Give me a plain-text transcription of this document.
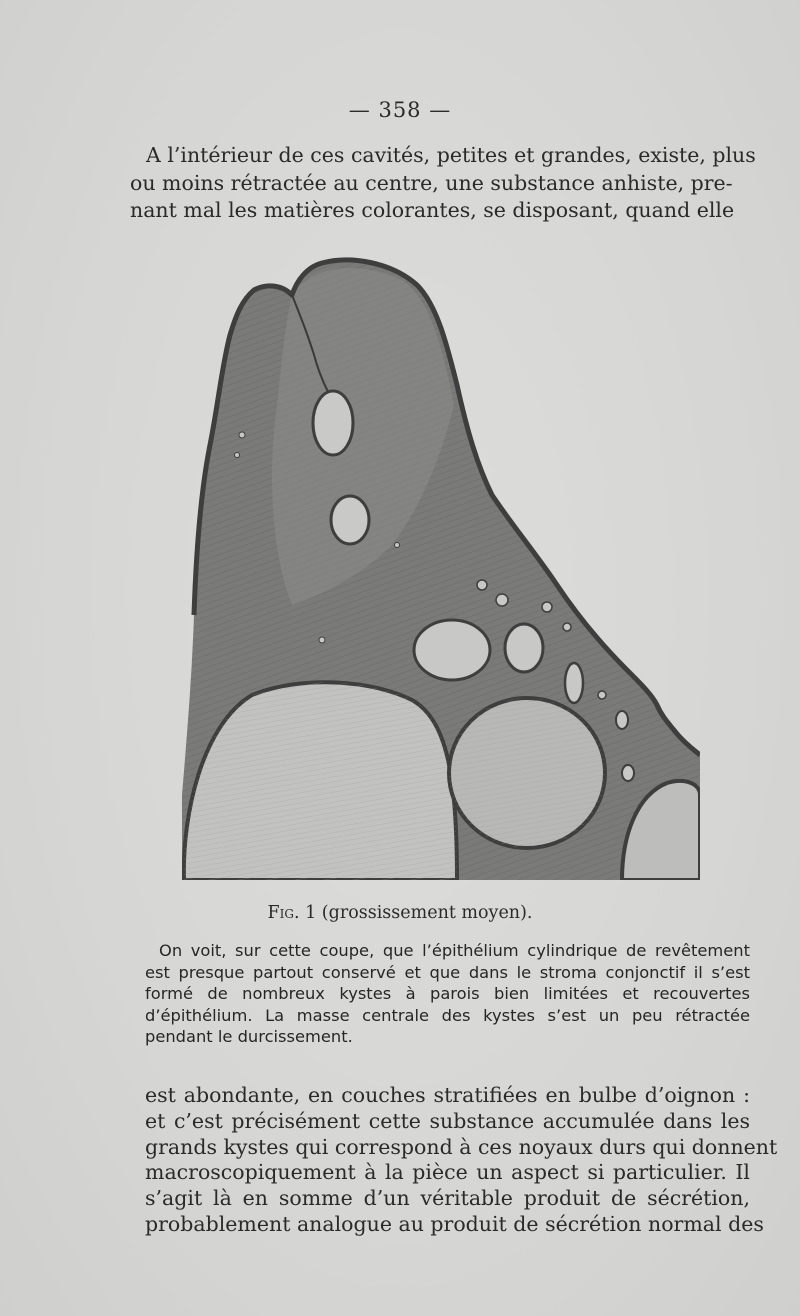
— 358 —
A l’intérieur de ces cavités, petites et grandes, existe, plus
ou moins rétractée au centre, une substance anhiste, pre-
nant mal les matières colorantes, se disposant, quand elle
Fig. 1 (grossissement moyen).
On voit, sur cette coupe, que l’épithélium cylindrique de revêtement
est presque partout conservé et que dans le stroma conjonctif il s’est
formé de nombreux kystes à parois bien limitées et recouvertes
d’épithélium. La masse centrale des kystes s’est un peu rétractée
pendant le durcissement.
est abondante, en couches stratifiées en bulbe d’oignon :
et c’est précisément cette substance accumulée dans les
grands kystes qui correspond à ces noyaux durs qui donnent
macroscopiquement à la pièce un aspect si particulier. Il
s’agit là en somme d’un véritable produit de sécrétion,
probablement analogue au produit de sécrétion normal des
